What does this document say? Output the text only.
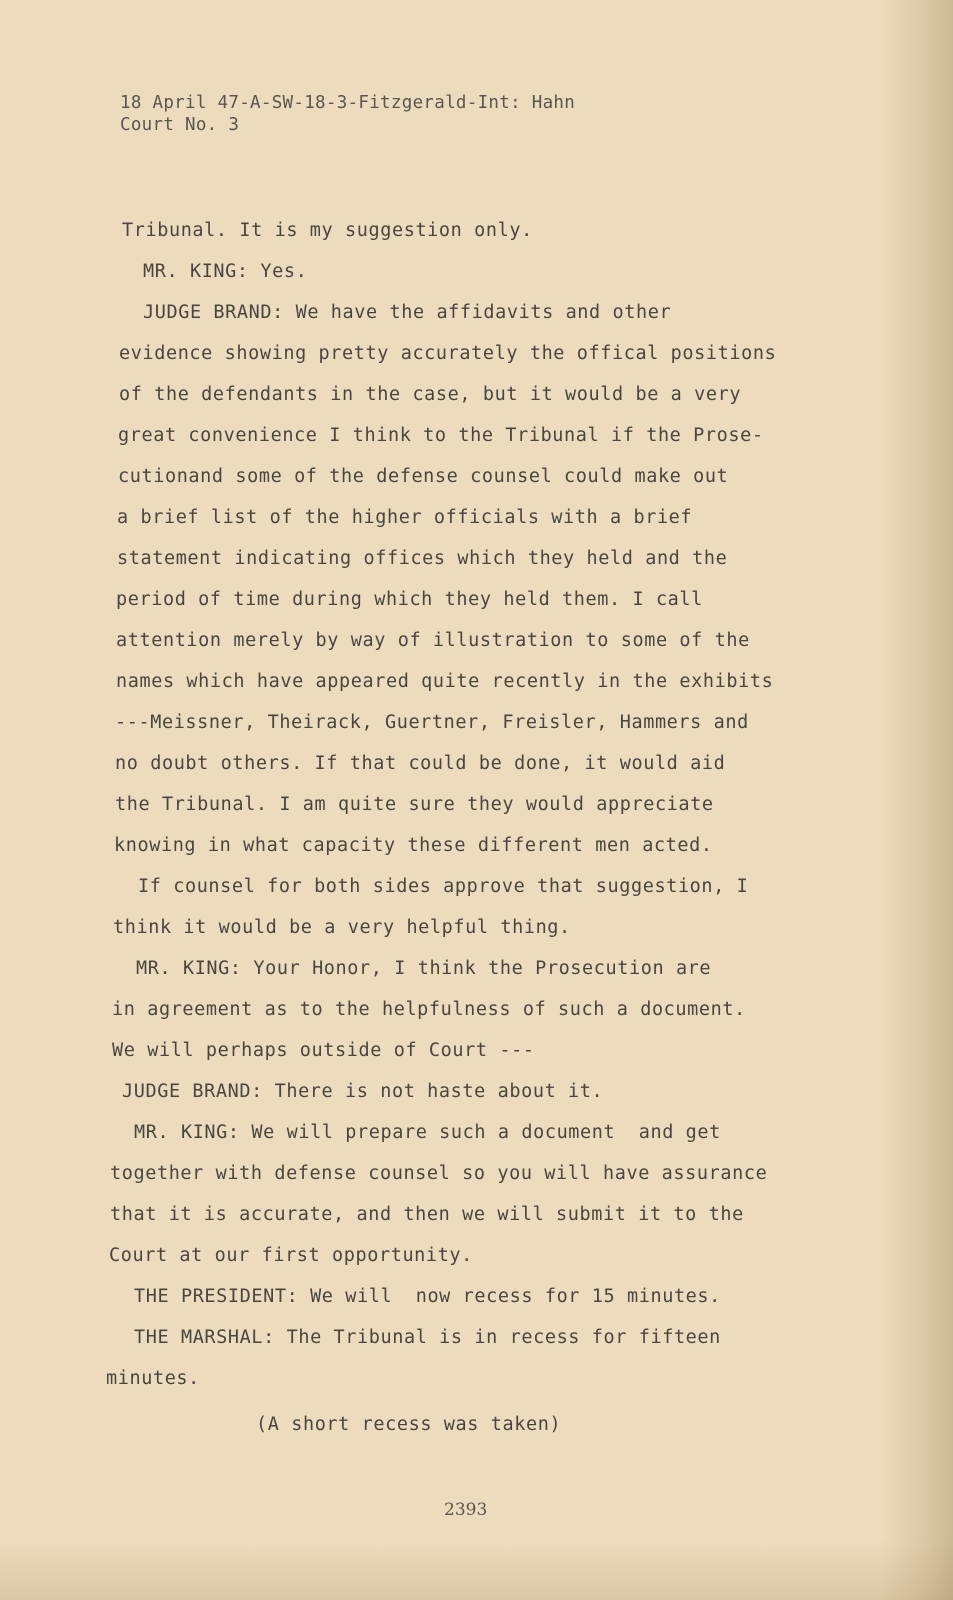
18 April 47-A-SW-18-3-Fitzgerald-Int: Hahn
Court No. 3
Tribunal. It is my suggestion only.
MR. KING: Yes.
JUDGE BRAND: We have the affidavits and other
evidence showing pretty accurately the offical positions
of the defendants in the case, but it would be a very
great convenience I think to the Tribunal if the Prose-
cutionand some of the defense counsel could make out
a brief list of the higher officials with a brief
statement indicating offices which they held and the
period of time during which they held them. I call
attention merely by way of illustration to some of the
names which have appeared quite recently in the exhibits
---Meissner, Theirack, Guertner, Freisler, Hammers and
no doubt others. If that could be done, it would aid
the Tribunal. I am quite sure they would appreciate
knowing in what capacity these different men acted.
If counsel for both sides approve that suggestion, I
think it would be a very helpful thing.
MR. KING: Your Honor, I think the Prosecution are
in agreement as to the helpfulness of such a document.
We will perhaps outside of Court ---
JUDGE BRAND: There is not haste about it.
MR. KING: We will prepare such a document  and get
together with defense counsel so you will have assurance
that it is accurate, and then we will submit it to the
Court at our first opportunity.
THE PRESIDENT: We will  now recess for 15 minutes.
THE MARSHAL: The Tribunal is in recess for fifteen
minutes.
(A short recess was taken)
2393
